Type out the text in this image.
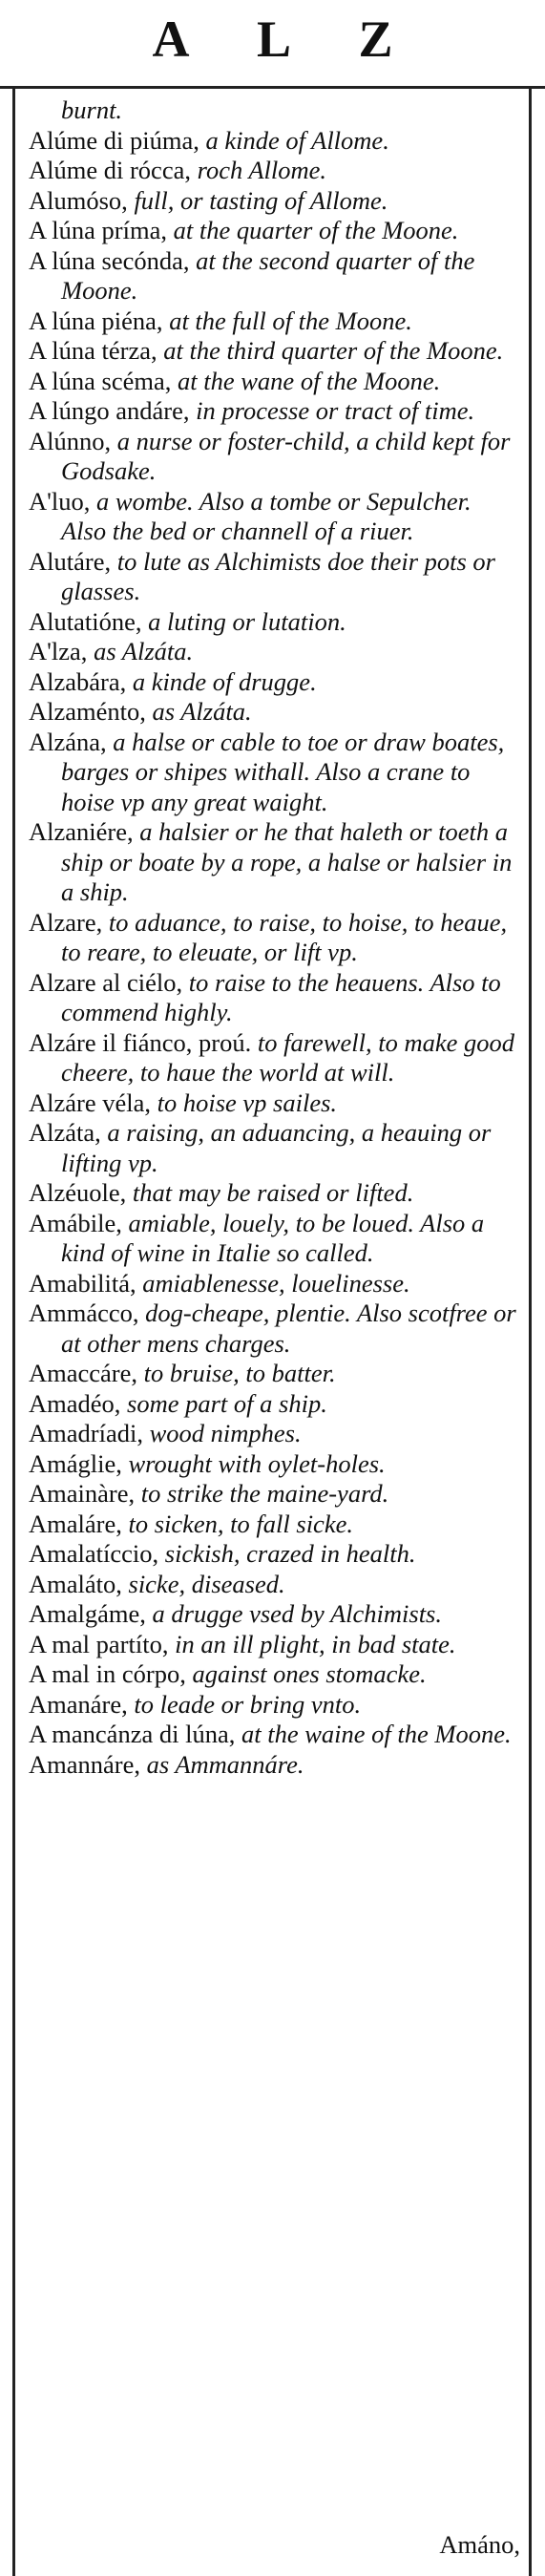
A L Z

burnt.

Alúme di piúma, a kinde of Allome.

Alúme di rócca, roch Allome.

Alumóso, full, or tasting of Allome.

A lúna príma, at the quarter of the Moone.

A lúna secónda, at the second quarter of the Moone.

A lúna piéna, at the full of the Moone.

A lúna térza, at the third quarter of the Moone.

A lúna scéma, at the wane of the Moone.

A lúngo andáre, in processe or tract of time.

Alúnno, a nurse or foster-child, a child kept for Godsake.

A'luo, a wombe. Also a tombe or Sepulcher. Also the bed or channell of a riuer.

Alutáre, to lute as Alchimists doe their pots or glasses.

Alutatióne, a luting or lutation.

A'lza, as Alzáta.

Alzabára, a kinde of drugge.

Alzaménto, as Alzáta.

Alzána, a halse or cable to toe or draw boates, barges or shipes withall. Also a crane to hoise vp any great waight.

Alzaniére, a halsier or he that haleth or toeth a ship or boate by a rope, a halse or halsier in a ship.

Alzare, to aduance, to raise, to hoise, to heaue, to reare, to eleuate, or lift vp.

Alzare al ciélo, to raise to the heauens. Also to commend highly.

Alzáre il fiánco, proú. to farewell, to make good cheere, to haue the world at will.

Alzáre véla, to hoise vp sailes.

Alzáta, a raising, an aduancing, a heauing or lifting vp.

Alzéuole, that may be raised or lifted.

Amábile, amiable, louely, to be loued. Also a kind of wine in Italie so called.

Amabilitá, amiablenesse, louelinesse.

Ammácco, dog-cheape, plentie. Also scotfree or at other mens charges.

Amaccáre, to bruise, to batter.

Amadéo, some part of a ship.

Amadríadi, wood nimphes.

Amáglie, wrought with oylet-holes.

Amainàre, to strike the maine-yard.

Amaláre, to sicken, to fall sicke.

Amalatíccio, sickish, crazed in health.

Amaláto, sicke, diseased.

Amalgáme, a drugge vsed by Alchimists.

A mal partíto, in an ill plight, in bad state.

A mal in córpo, against ones stomacke.

Amanáre, to leade or bring vnto.

A mancánza di lúna, at the waine of the Moone.

Amannáre, as Ammannáre.

Amáno,
